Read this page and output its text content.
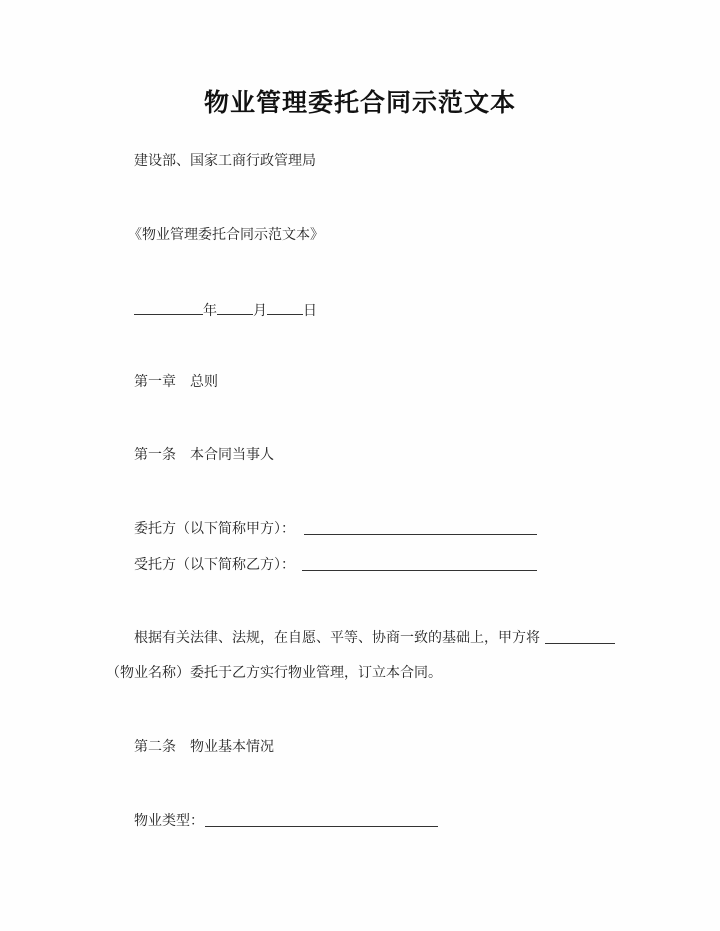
物业管理委托合同示范文本
建设部、国家工商行政管理局
《物业管理委托合同示范文本》
年	月	日
第一章 总则
第一条 本合同当事人
委托方（以下简称甲方）：
受托方（以下简称乙方）：
根据有关法律、法规，在自愿、平等、协商一致的基础上，甲方将
（物业名称）委托于乙方实行物业管理，订立本合同。
第二条 物业基本情况
物业类型：
